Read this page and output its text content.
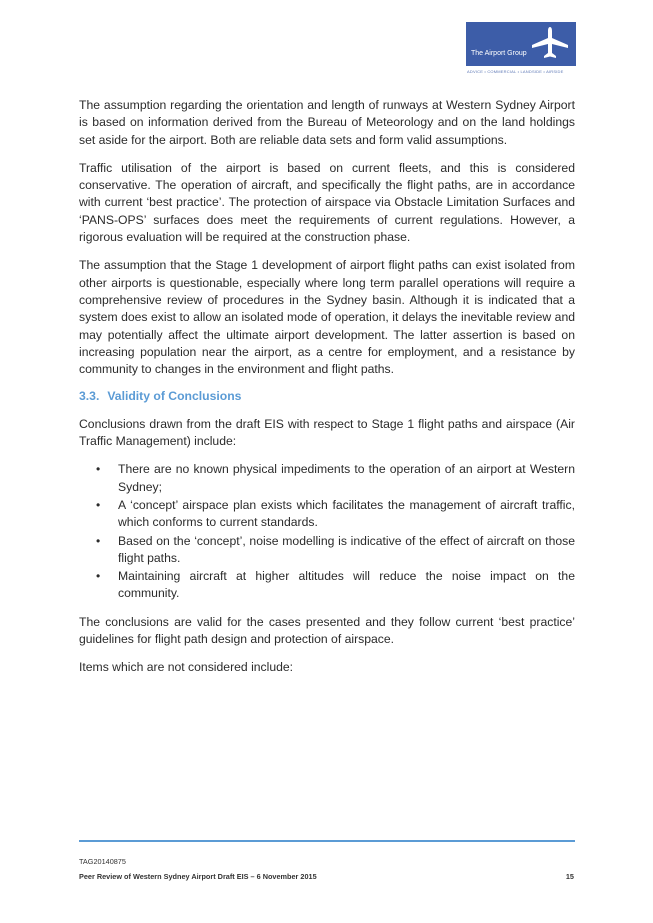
The Airport Group
ADVICE • COMMERCIAL • LANDSIDE • AIRSIDE

The assumption regarding the orientation and length of runways at Western Sydney Airport is based on information derived from the Bureau of Meteorology and on the land holdings set aside for the airport. Both are reliable data sets and form valid assumptions.

Traffic utilisation of the airport is based on current fleets, and this is considered conservative. The operation of aircraft, and specifically the flight paths, are in accordance with current ‘best practice’. The protection of airspace via Obstacle Limitation Surfaces and ‘PANS-OPS’ surfaces does meet the requirements of current regulations. However, a rigorous evaluation will be required at the construction phase.

The assumption that the Stage 1 development of airport flight paths can exist isolated from other airports is questionable, especially where long term parallel operations will require a comprehensive review of procedures in the Sydney basin. Although it is indicated that a system does exist to allow an isolated mode of operation, it delays the inevitable review and may potentially affect the ultimate airport development. The latter assertion is based on increasing population near the airport, as a centre for employment, and a resistance by community to changes in the environment and flight paths.

3.3. Validity of Conclusions

Conclusions drawn from the draft EIS with respect to Stage 1 flight paths and airspace (Air Traffic Management) include:

• There are no known physical impediments to the operation of an airport at Western Sydney;
• A ‘concept’ airspace plan exists which facilitates the management of aircraft traffic, which conforms to current standards.
• Based on the ‘concept’, noise modelling is indicative of the effect of aircraft on those flight paths.
• Maintaining aircraft at higher altitudes will reduce the noise impact on the community.

The conclusions are valid for the cases presented and they follow current ‘best practice’ guidelines for flight path design and protection of airspace.

Items which are not considered include:

TAG20140875
Peer Review of Western Sydney Airport Draft EIS – 6 November 2015	15
